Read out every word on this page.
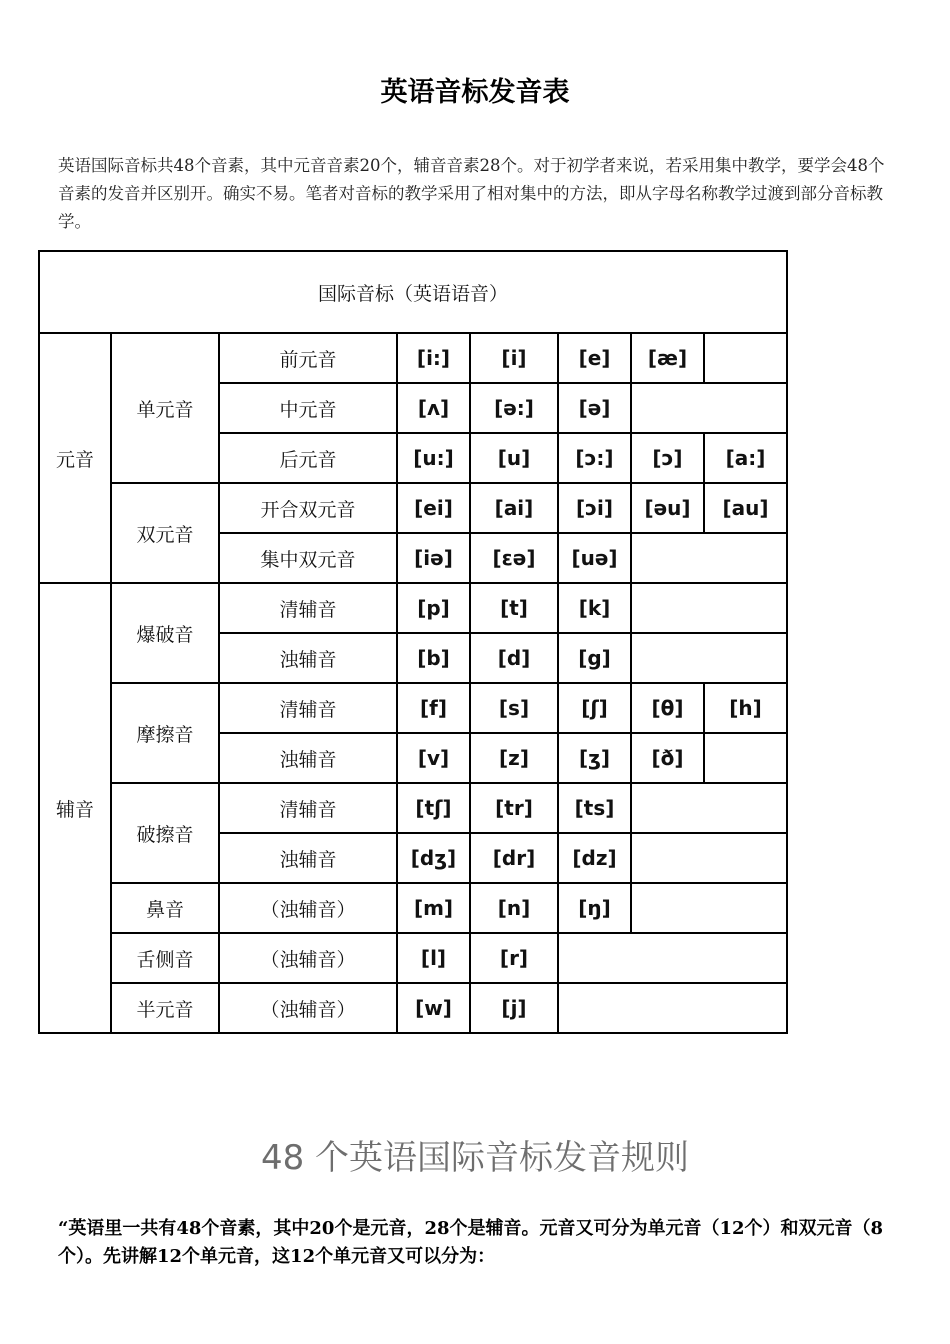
英语音标发音表
英语国际音标共48个音素，其中元音音素20个，辅音音素28个。对于初学者来说，若采用集中教学，要学会48个音素的发音并区别开。确实不易。笔者对音标的教学采用了相对集中的方法，即从字母名称教学过渡到部分音标教学。
国际音标（英语语音）							
元音	单元音	前元音	[i:]	[i]	[e]	[æ]	
		中元音	[ʌ]	[ə:]	[ə]		
		后元音	[u:]	[u]	[ɔ:]	[ɔ]	[a:]
	双元音	开合双元音	[ei]	[ai]	[ɔi]	[əu]	[au]
		集中双元音	[iə]	[εə]	[uə]		
辅音	爆破音	清辅音	[p]	[t]	[k]		
		浊辅音	[b]	[d]	[g]		
	摩擦音	清辅音	[f]	[s]	[ʃ]	[θ]	[h]
		浊辅音	[v]	[z]	[ʒ]	[ð]	
	破擦音	清辅音	[tʃ]	[tr]	[ts]		
		浊辅音	[dʒ]	[dr]	[dz]		
	鼻音	（浊辅音）	[m]	[n]	[ŋ]		
	舌侧音	（浊辅音）	[l]	[r]			
	半元音	（浊辅音）	[w]	[j]			
48 个英语国际音标发音规则
“英语里一共有48个音素，其中20个是元音，28个是辅音。元音又可分为单元音（12个）和双元音（8个）。先讲解12个单元音，这12个单元音又可以分为：
